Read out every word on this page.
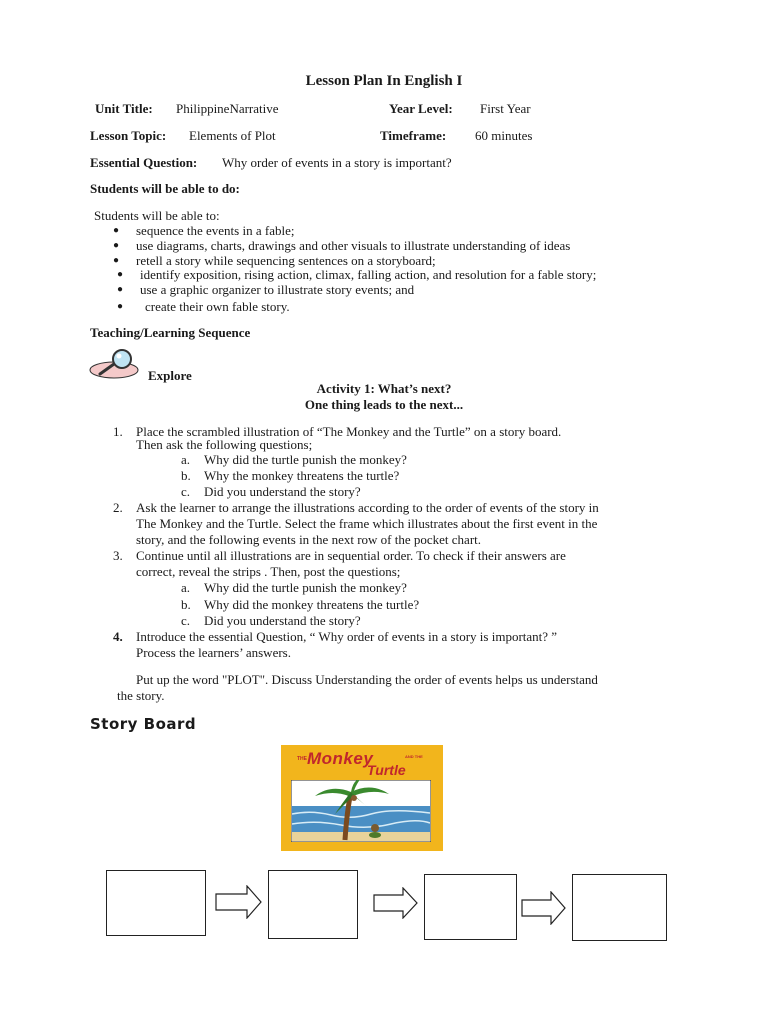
Lesson Plan In English I
Unit Title: PhilippineNarrative	Year Level: First Year
Lesson Topic: Elements of Plot	Timeframe: 60 minutes
Essential Question: Why order of events in a story is important?
Students will be able to do:
Students will be able to:
● sequence the events in a fable;
● use diagrams, charts, drawings and other visuals to illustrate understanding of ideas
● retell a story while sequencing sentences on a storyboard;
● identify exposition, rising action, climax, falling action, and resolution for a fable story;
● use a graphic organizer to illustrate story events; and
● create their own fable story.
Teaching/Learning Sequence
Explore
Activity 1: What’s next?
One thing leads to the next...
1. Place the scrambled illustration of “The Monkey and the Turtle” on a story board.
Then ask the following questions;
a. Why did the turtle punish the monkey?
b. Why the monkey threatens the turtle?
c. Did you understand the story?
2. Ask the learner to arrange the illustrations according to the order of events of the story in
The Monkey and the Turtle. Select the frame which illustrates about the first event in the
story, and the following events in the next row of the pocket chart.
3. Continue until all illustrations are in sequential order. To check if their answers are
correct, reveal the strips . Then, post the questions;
a. Why did the turtle punish the monkey?
b. Why did the monkey threatens the turtle?
c. Did you understand the story?
4. Introduce the essential Question, “ Why order of events in a story is important? ”
Process the learners’ answers.
Put up the word "PLOT". Discuss Understanding the order of events helps us understand
the story.
Story Board
THE Monkey	AND THE
Turtle
